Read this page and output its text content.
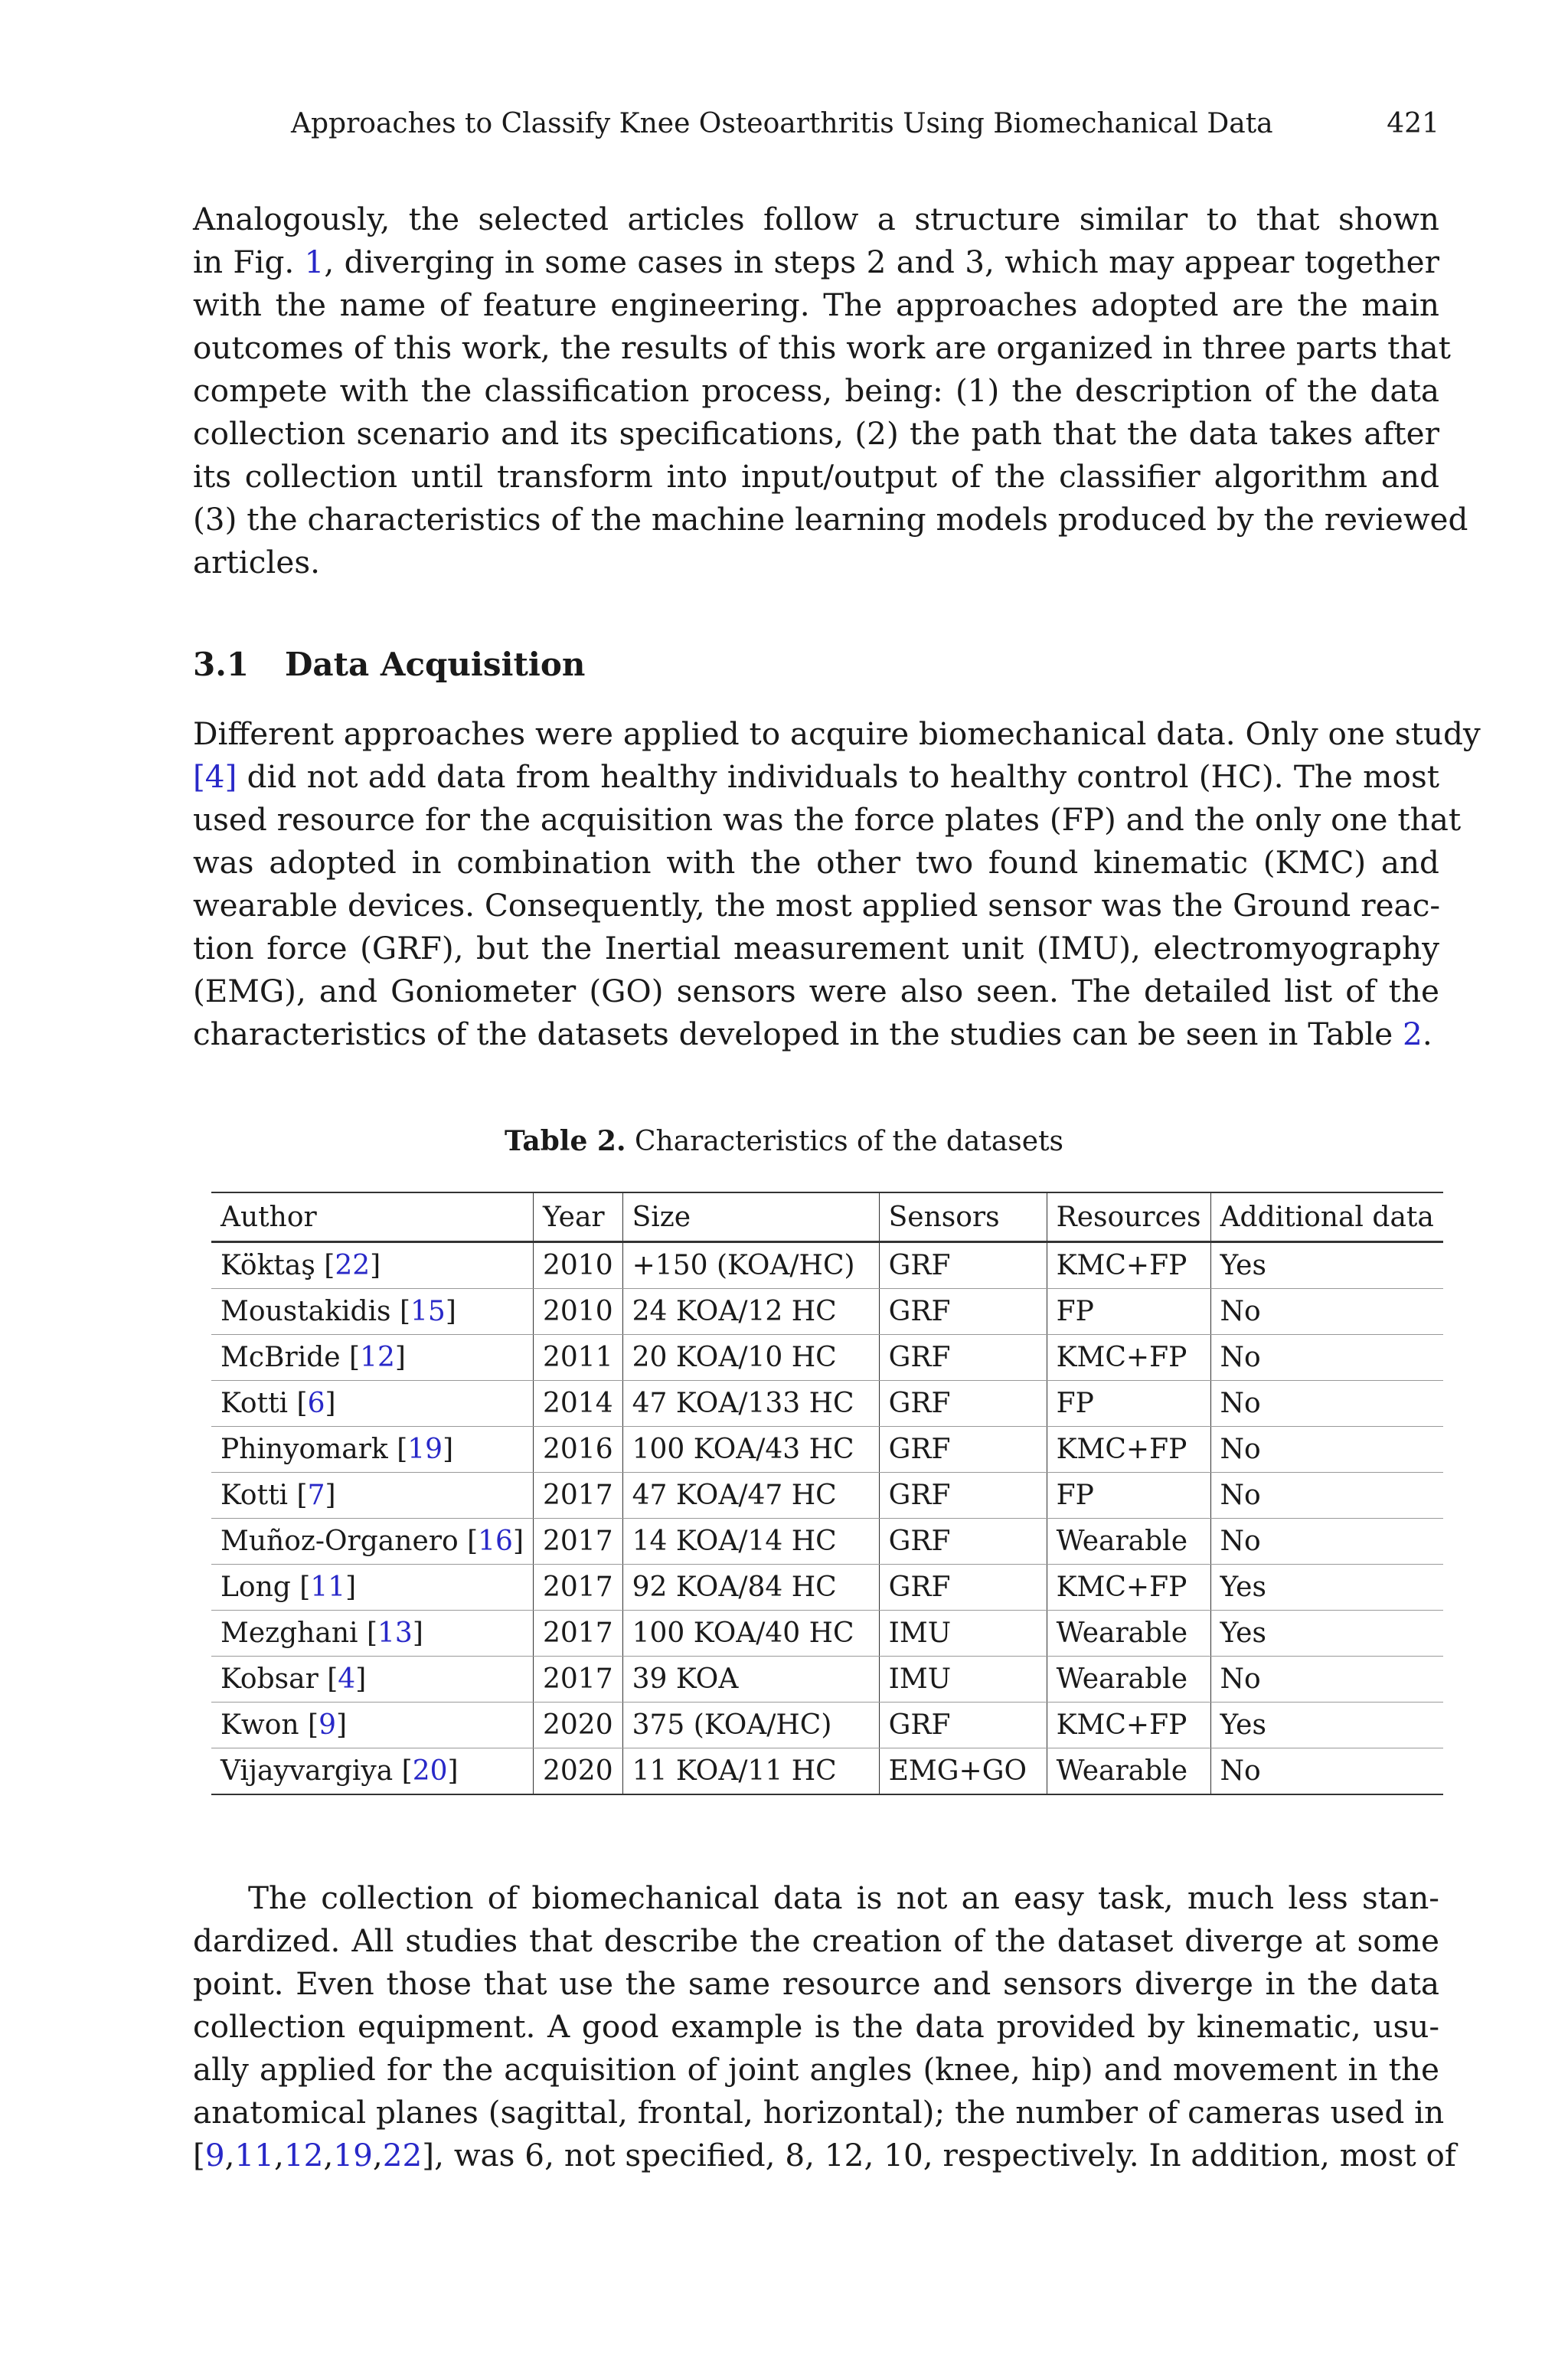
Approaches to Classify Knee Osteoarthritis Using Biomechanical Data	421
Analogously, the selected articles follow a structure similar to that shown
in Fig. 1, diverging in some cases in steps 2 and 3, which may appear together
with the name of feature engineering. The approaches adopted are the main
outcomes of this work, the results of this work are organized in three parts that
compete with the classification process, being: (1) the description of the data
collection scenario and its specifications, (2) the path that the data takes after
its collection until transform into input/output of the classifier algorithm and
(3) the characteristics of the machine learning models produced by the reviewed
articles.
3.1 Data Acquisition
Different approaches were applied to acquire biomechanical data. Only one study
[4] did not add data from healthy individuals to healthy control (HC). The most
used resource for the acquisition was the force plates (FP) and the only one that
was adopted in combination with the other two found kinematic (KMC) and
wearable devices. Consequently, the most applied sensor was the Ground reac-
tion force (GRF), but the Inertial measurement unit (IMU), electromyography
(EMG), and Goniometer (GO) sensors were also seen. The detailed list of the
characteristics of the datasets developed in the studies can be seen in Table 2.
Table 2. Characteristics of the datasets
Author	Year	Size	Sensors	Resources	Additional data
Köktaş [22]	2010	+150 (KOA/HC)	GRF	KMC+FP	Yes
Moustakidis [15]	2010	24 KOA/12 HC	GRF	FP	No
McBride [12]	2011	20 KOA/10 HC	GRF	KMC+FP	No
Kotti [6]	2014	47 KOA/133 HC	GRF	FP	No
Phinyomark [19]	2016	100 KOA/43 HC	GRF	KMC+FP	No
Kotti [7]	2017	47 KOA/47 HC	GRF	FP	No
Muñoz-Organero [16]	2017	14 KOA/14 HC	GRF	Wearable	No
Long [11]	2017	92 KOA/84 HC	GRF	KMC+FP	Yes
Mezghani [13]	2017	100 KOA/40 HC	IMU	Wearable	Yes
Kobsar [4]	2017	39 KOA	IMU	Wearable	No
Kwon [9]	2020	375 (KOA/HC)	GRF	KMC+FP	Yes
Vijayvargiya [20]	2020	11 KOA/11 HC	EMG+GO	Wearable	No
The collection of biomechanical data is not an easy task, much less stan-
dardized. All studies that describe the creation of the dataset diverge at some
point. Even those that use the same resource and sensors diverge in the data
collection equipment. A good example is the data provided by kinematic, usu-
ally applied for the acquisition of joint angles (knee, hip) and movement in the
anatomical planes (sagittal, frontal, horizontal); the number of cameras used in
[9,11,12,19,22], was 6, not specified, 8, 12, 10, respectively. In addition, most of
